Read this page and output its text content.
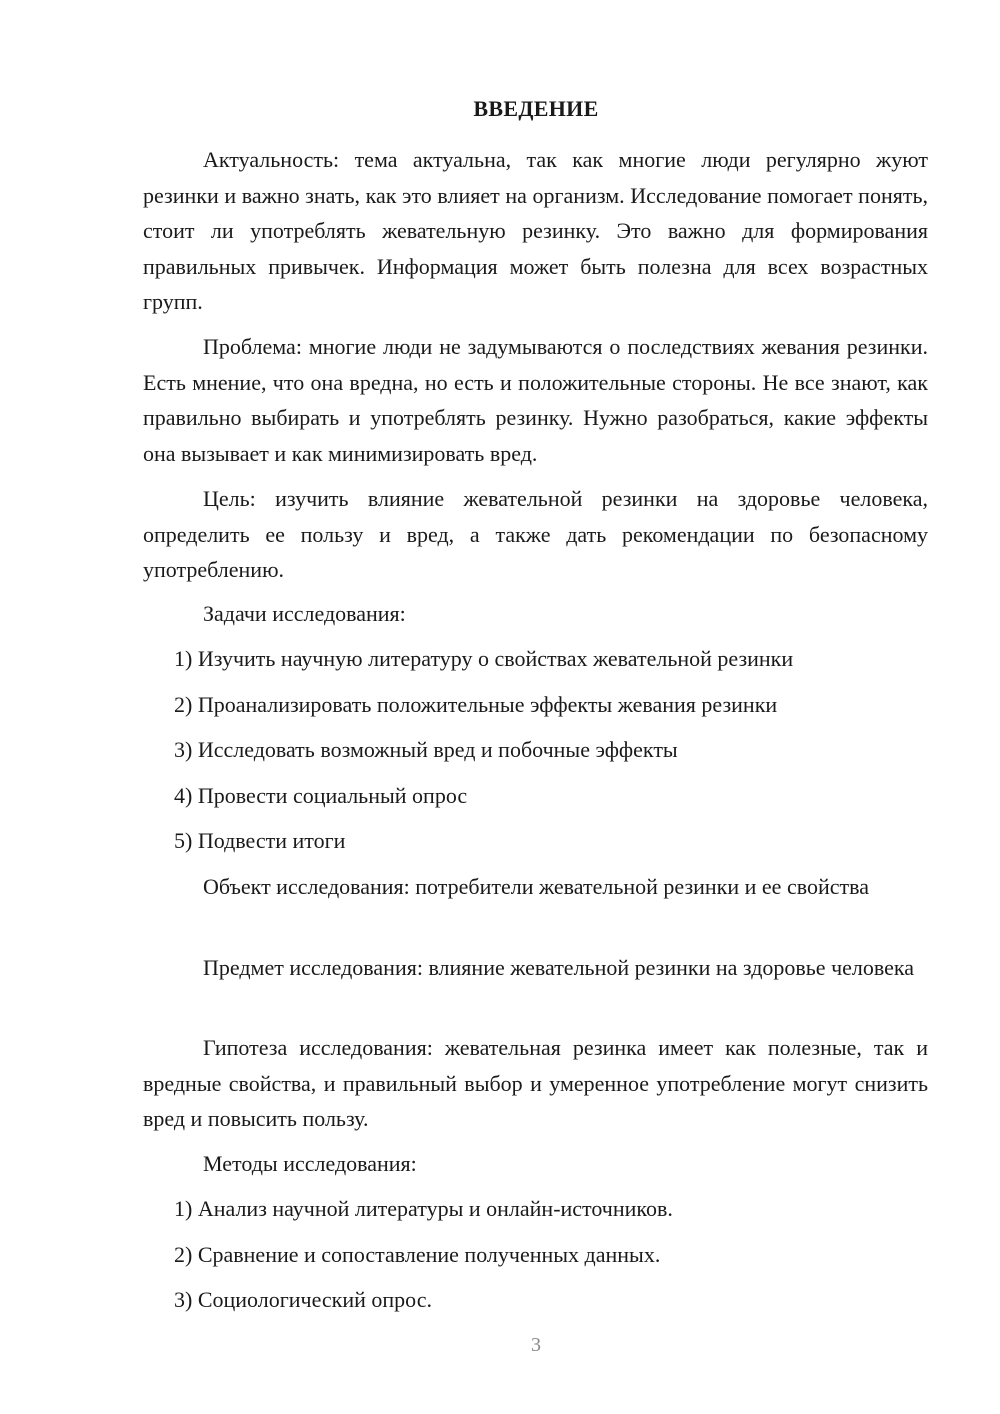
ВВЕДЕНИЕ

Актуальность: тема актуальна, так как многие люди регулярно жуют резинки и важно знать, как это влияет на организм. Исследование помогает понять, стоит ли употреблять жевательную резинку. Это важно для формирования правильных привычек. Информация может быть полезна для всех возрастных групп.

Проблема: многие люди не задумываются о последствиях жевания резинки. Есть мнение, что она вредна, но есть и положительные стороны. Не все знают, как правильно выбирать и употреблять резинку. Нужно разобраться, какие эффекты она вызывает и как минимизировать вред.

Цель: изучить влияние жевательной резинки на здоровье человека, определить ее пользу и вред, а также дать рекомендации по безопасному употреблению.

Задачи исследования:
1) Изучить научную литературу о свойствах жевательной резинки
2) Проанализировать положительные эффекты жевания резинки
3) Исследовать возможный вред и побочные эффекты
4) Провести социальный опрос
5) Подвести итоги

Объект исследования: потребители жевательной резинки и ее свойства

Предмет исследования: влияние жевательной резинки на здоровье человека

Гипотеза исследования: жевательная резинка имеет как полезные, так и вредные свойства, и правильный выбор и умеренное употребление могут снизить вред и повысить пользу.

Методы исследования:
1) Анализ научной литературы и онлайн-источников.
2) Сравнение и сопоставление полученных данных.
3) Социологический опрос.
3
